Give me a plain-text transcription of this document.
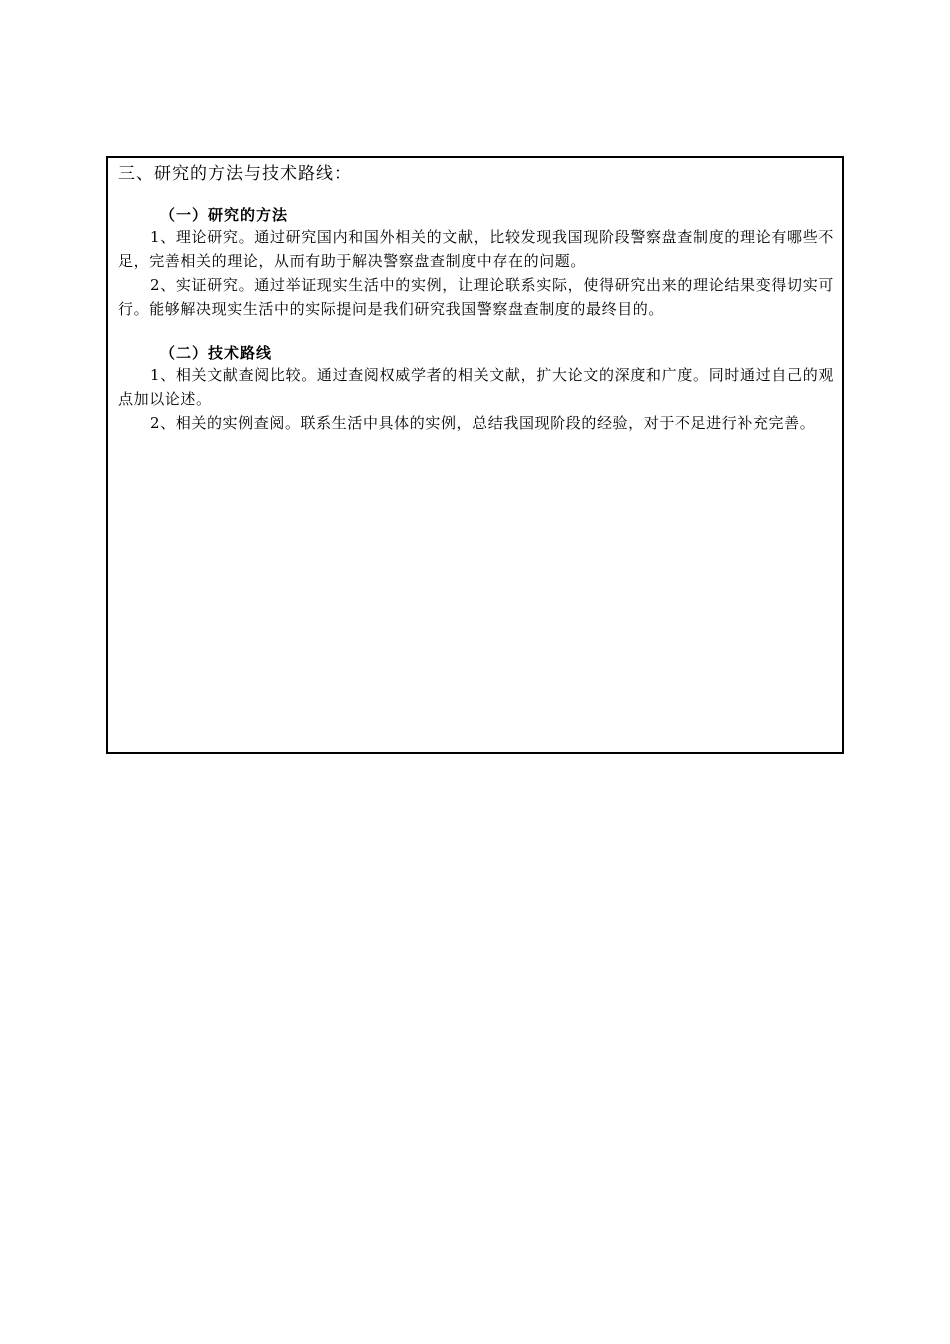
三、研究的方法与技术路线：
（一）研究的方法
1、理论研究。通过研究国内和国外相关的文献，比较发现我国现阶段警察盘查制度的理论有哪些不足，完善相关的理论，从而有助于解决警察盘查制度中存在的问题。
2、实证研究。通过举证现实生活中的实例，让理论联系实际，使得研究出来的理论结果变得切实可行。能够解决现实生活中的实际提问是我们研究我国警察盘查制度的最终目的。
（二）技术路线
1、相关文献查阅比较。通过查阅权威学者的相关文献，扩大论文的深度和广度。同时通过自己的观点加以论述。
2、相关的实例查阅。联系生活中具体的实例，总结我国现阶段的经验，对于不足进行补充完善。
